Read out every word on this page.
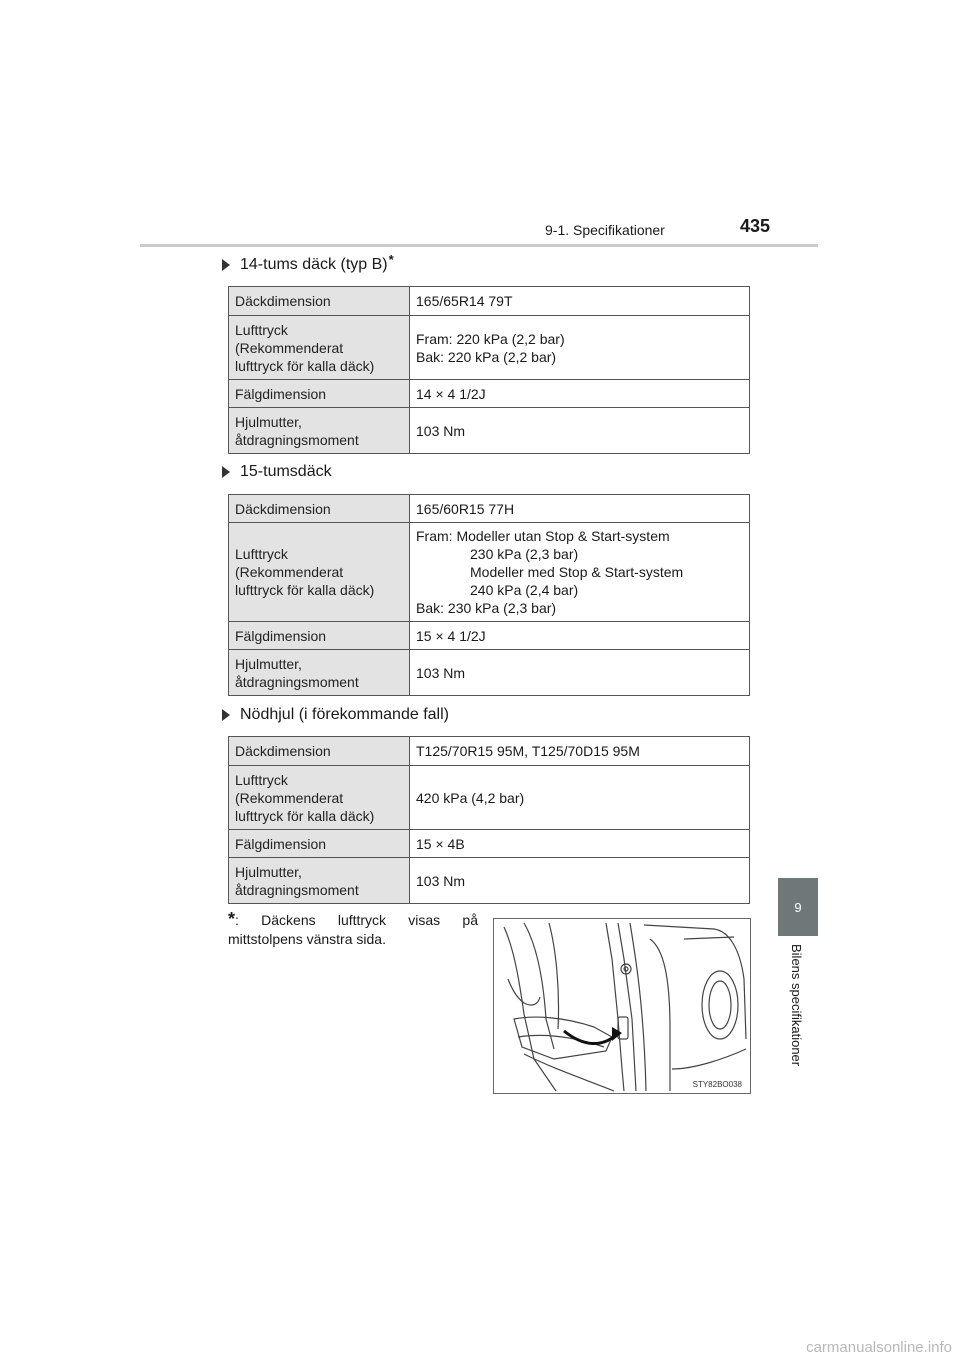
9-1. Specifikationer	435
14-tums däck (typ B) *
Däckdimension	165/65R14 79T
Lufttryck
(Rekommenderat
lufttryck för kalla däck)	Fram: 220 kPa (2,2 bar)
Bak: 220 kPa (2,2 bar)
Fälgdimension	14 × 4 1/2J
Hjulmutter,
åtdragningsmoment	103 Nm
15-tumsdäck
Däckdimension	165/60R15 77H
Lufttryck
(Rekommenderat
lufttryck för kalla däck)	Fram: Modeller utan Stop & Start-system
230 kPa (2,3 bar)
Modeller med Stop & Start-system
240 kPa (2,4 bar)
Bak: 230 kPa (2,3 bar)

Fälgdimension	15 × 4 1/2J
Hjulmutter,
åtdragningsmoment	103 Nm
Nödhjul (i förekommande fall)
Däckdimension	T125/70R15 95M, T125/70D15 95M
Lufttryck
(Rekommenderat
lufttryck för kalla däck)	420 kPa (4,2 bar)
Fälgdimension	15 × 4B
Hjulmutter,
åtdragningsmoment	103 Nm
*: Däckens lufttryck visas på mittstolpens vänstra sida.
STY82BO038
9
Bilens specifikationer
carmanualsonline.info
